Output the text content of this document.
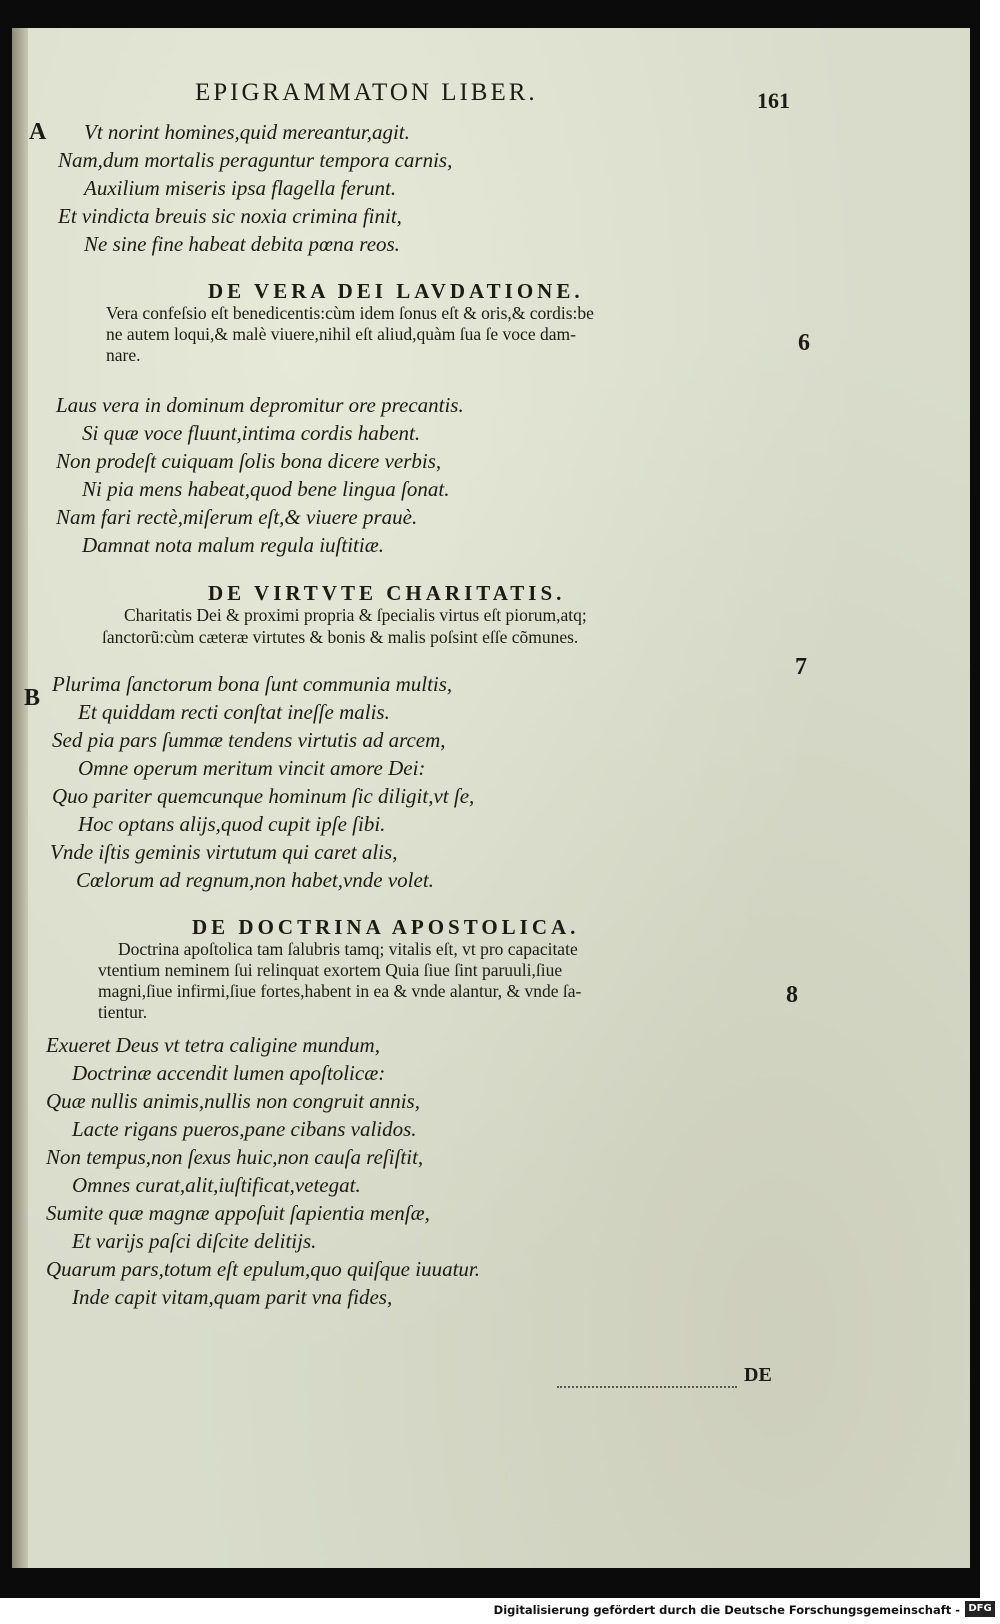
EPIGRAMMATON LIBER.	161
A
B
6
7
8
Vt norint homines,quid mereantur,agit.
Nam,dum mortalis peraguntur tempora carnis,
Auxilium miseris ipsa flagella ferunt.
Et vindicta breuis sic noxia crimina finit,
Ne sine fine habeat debita pœna reos.
DE VERA DEI LAVDATIONE.
Vera confeſsio eſt benedicentis:cùm idem ſonus eſt & oris,& cordis:be
ne autem loqui,& malè viuere,nihil eſt aliud,quàm ſua ſe voce dam-
nare.
Laus vera in dominum depromitur ore precantis.
Si quæ voce fluunt,intima cordis habent.
Non prodeſt cuiquam ſolis bona dicere verbis,
Ni pia mens habeat,quod bene lingua ſonat.
Nam fari rectè,miſerum eſt,& viuere prauè.
Damnat nota malum regula iuſtitiæ.
DE VIRTVTE CHARITATIS.
Charitatis Dei & proximi propria & ſpecialis virtus eſt piorum,atq;
ſanctorũ:cùm cæteræ virtutes & bonis & malis poſsint eſſe cõmunes.
Plurima ſanctorum bona ſunt communia multis,
Et quiddam recti conſtat ineſſe malis.
Sed pia pars ſummæ tendens virtutis ad arcem,
Omne operum meritum vincit amore Dei:
Quo pariter quemcunque hominum ſic diligit,vt ſe,
Hoc optans alijs,quod cupit ipſe ſibi.
Vnde iſtis geminis virtutum qui caret alis,
Cœlorum ad regnum,non habet,vnde volet.
DE DOCTRINA APOSTOLICA.
Doctrina apoſtolica tam ſalubris tamq; vitalis eſt, vt pro capacitate
vtentium neminem ſui relinquat exortem Quia ſiue ſint paruuli,ſiue
magni,ſiue infirmi,ſiue fortes,habent in ea & vnde alantur, & vnde ſa-
tientur.
Exueret Deus vt tetra caligine mundum,
Doctrinæ accendit lumen apoſtolicæ:
Quæ nullis animis,nullis non congruit annis,
Lacte rigans pueros,pane cibans validos.
Non tempus,non ſexus huic,non cauſa reſiſtit,
Omnes curat,alit,iuſtificat,vetegat.
Sumite quæ magnæ appoſuit ſapientia menſæ,
Et varijs paſci diſcite delitijs.
Quarum pars,totum eſt epulum,quo quiſque iuuatur.
Inde capit vitam,quam parit vna fides,
DE
Digitalisierung gefördert durch die Deutsche Forschungsgemeinschaft - DFG
